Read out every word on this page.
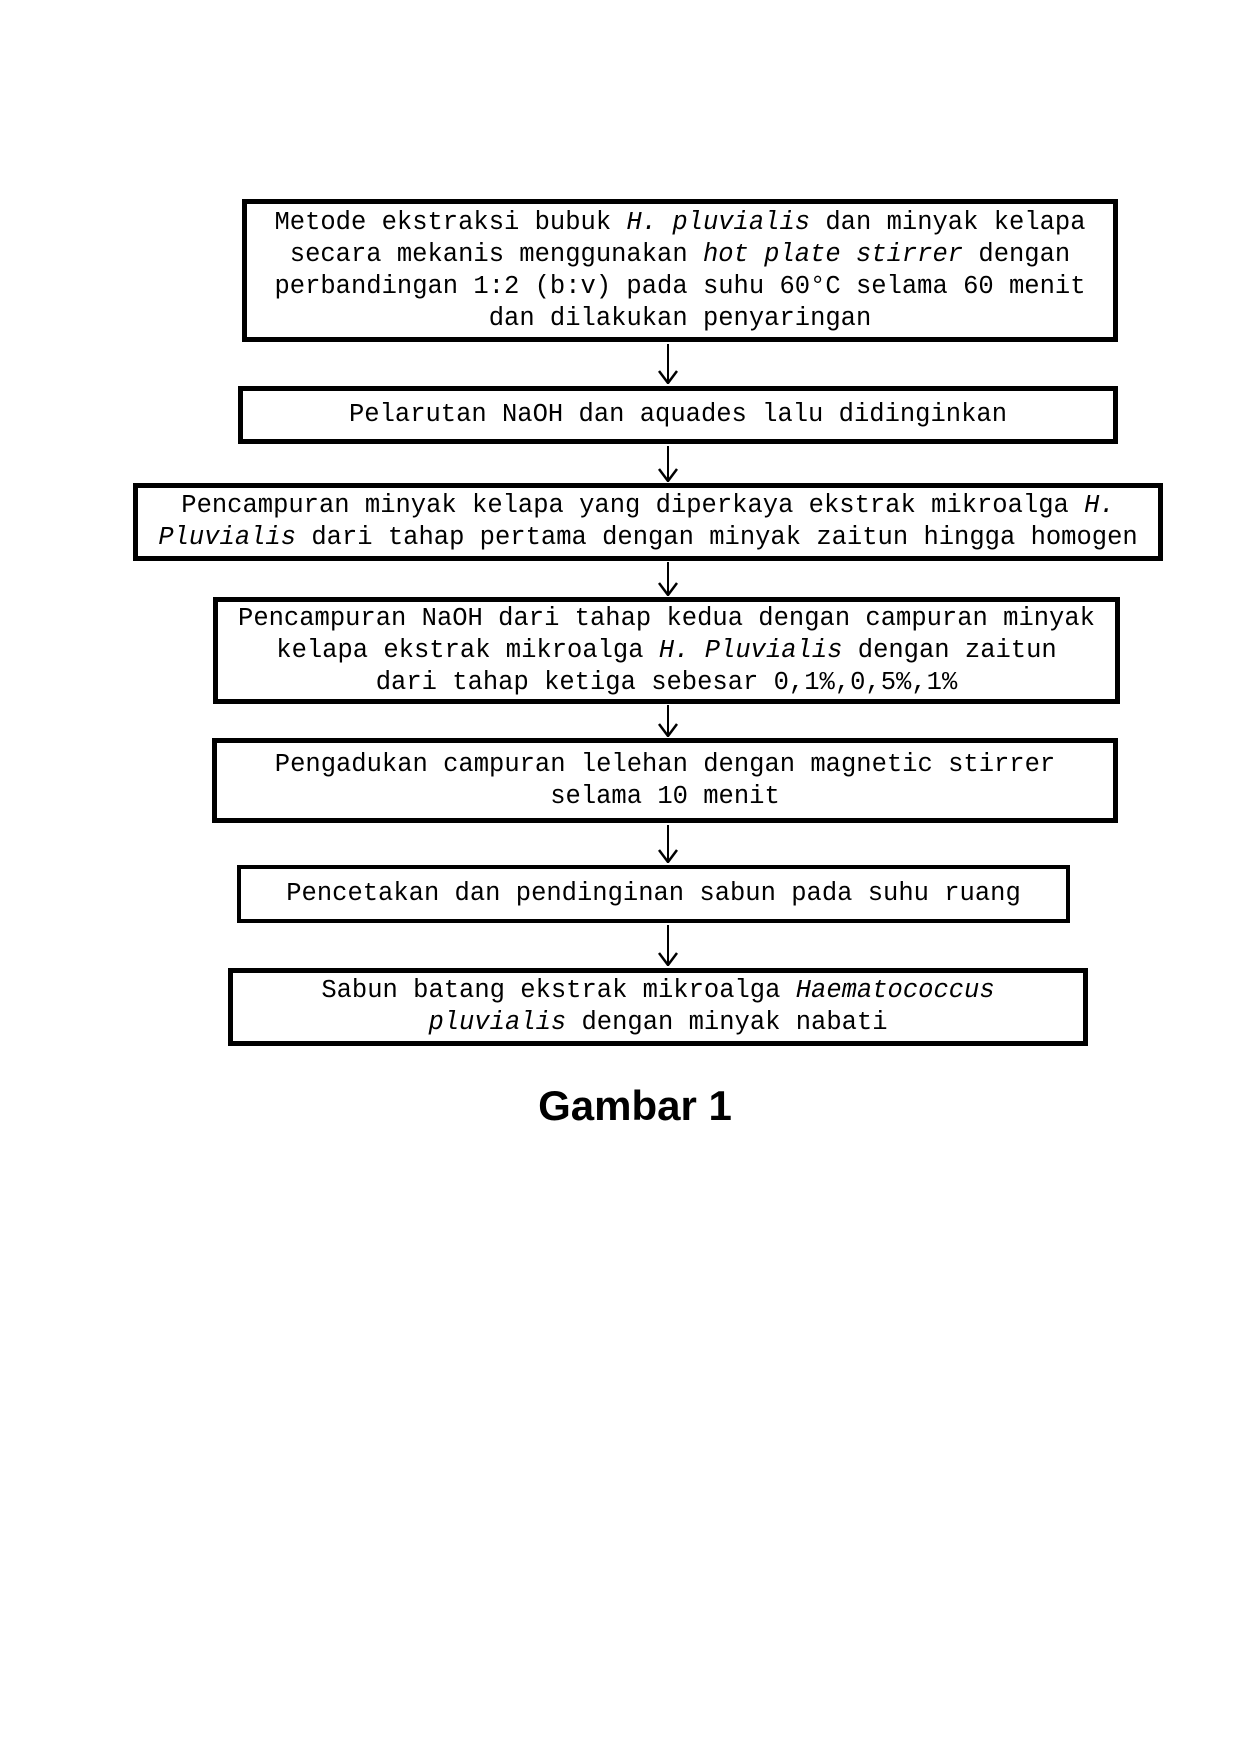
Metode ekstraksi bubuk H. pluvialis dan minyak kelapa
secara mekanis menggunakan hot plate stirrer dengan
perbandingan 1:2 (b:v) pada suhu 60°C selama 60 menit
dan dilakukan penyaringan
Pelarutan NaOH dan aquades lalu didinginkan
Pencampuran minyak kelapa yang diperkaya ekstrak mikroalga H.
Pluvialis dari tahap pertama dengan minyak zaitun hingga homogen
Pencampuran NaOH dari tahap kedua dengan campuran minyak
kelapa ekstrak mikroalga H. Pluvialis dengan zaitun
dari tahap ketiga sebesar 0,1%,0,5%,1%
Pengadukan campuran lelehan dengan magnetic stirrer
selama 10 menit
Pencetakan dan pendinginan sabun pada suhu ruang
Sabun batang ekstrak mikroalga Haematococcus
pluvialis dengan minyak nabati
Gambar 1
